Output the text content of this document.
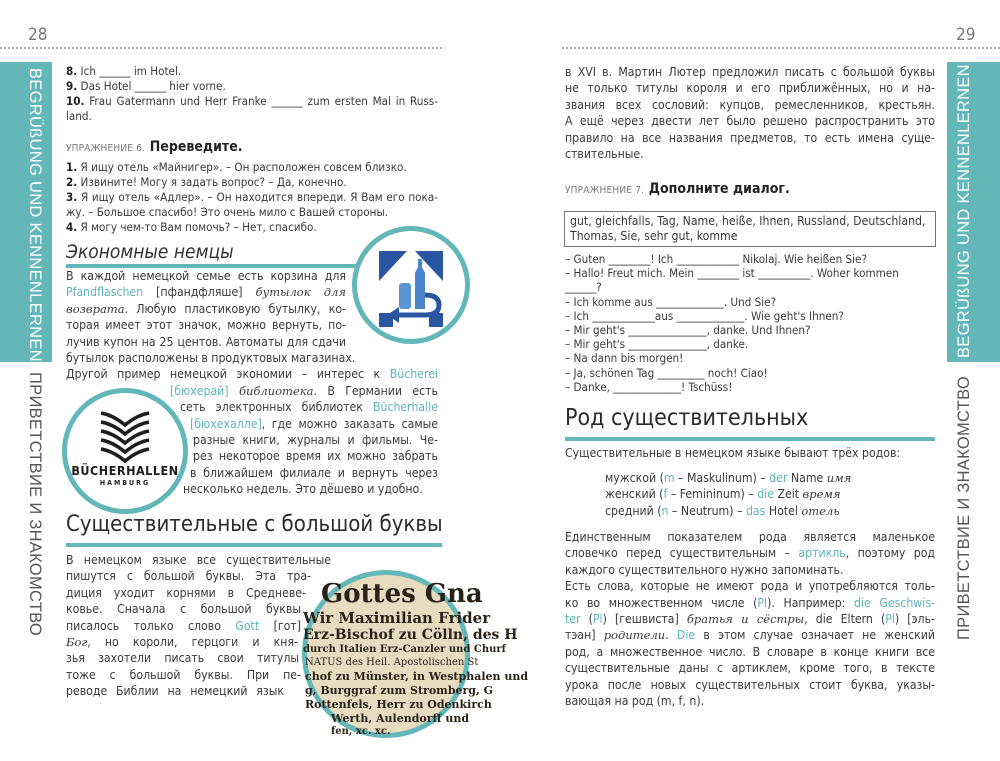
28
BEGRÜßUNG UND KENNENLERNEN
ПРИВЕТСТВИЕ И ЗНАКОМСТВО
8. Ich ______ im Hotel.
9. Das Hotel ______ hier vorne.
10. Frau Gatermann und Herr Franke ______ zum ersten Mal in Russ-
land.
УПРАЖНЕНИЕ 6. Переведите.
1. Я ищу отель «Майнигер». – Он расположен совсем близко.
2. Извините! Могу я задать вопрос? – Да, конечно.
3. Я ищу отель «Адлер». – Он находится впереди. Я Вам его пока-
жу. – Большое спасибо! Это очень мило с Вашей стороны.
4. Я могу чем-то Вам помочь? – Нет, спасибо.
Экономные немцы
В каждой немецкой семье есть корзина для
Pfandflaschen [пфандфляше] бутылок для
возврата. Любую пластиковую бутылку, ко-
торая имеет этот значок, можно вернуть, по-
лучив купон на 25 центов. Автоматы для сдачи
бутылок расположены в продуктовых магазинах.
Другой пример немецкой экономии – интерес к Bücherei
[бюхерай] библиотека. В Германии есть
сеть электронных библиотек Bücherhalle
[бюхехалле], где можно заказать самые
разные книги, журналы и фильмы. Че-
рез некоторое время их можно забрать
в ближайшем филиале и вернуть через
несколько недель. Это дёшево и удобно.
BÜCHERHALLEN
HAMBURG
Существительные с большой буквы
В немецком языке все существительные
пишутся с большой буквы. Эта тра-
диция уходит корнями в Средневе-
ковье. Сначала с большой буквы
писалось только слово Gott [гот]
Бог, но короли, герцоги и кня-
зья захотели писать свои титулы
тоже с большой буквы. При пе-
реводе Библии на немецкий язык
Gottes Gna
Wir Maximilian Frider
Erz-Bischof zu Cölln, des H
durch Italien Erz-Canzler und Churf
NATUS des Heil. Apostolischen St
chof zu Münster, in Westphalen und
g, Burggraf zum Stromberg, G
Rottenfels, Herr zu Odenkirch
Werth, Aulendorff und
fen, xc. xc.
29
BEGRÜßUNG UND KENNENLERNEN
ПРИВЕТСТВИЕ И ЗНАКОМСТВО
в XVI в. Мартин Лютер предложил писать с большой буквы
не только титулы короля и его приближённых, но и на-
звания всех сословий: купцов, ремесленников, крестьян.
А ещё через двести лет было решено распространить это
правило на все названия предметов, то есть имена суще-
ствительные.
УПРАЖНЕНИЕ 7. Дополните диалог.
gut, gleichfalls, Tag, Name, heiße, Ihnen, Russland, Deutschland,
Thomas, Sie, sehr gut, komme
– Guten ________! Ich ____________ Nikolaj. Wie heißen Sie?
– Hallo! Freut mich. Mein ________ ist __________. Woher kommen
______?
– Ich komme aus _____________. Und Sie?
– Ich ____________aus _____________. Wie geht's Ihnen?
– Mir geht's _______________, danke. Und Ihnen?
– Mir geht's _______________, danke.
– Na dann bis morgen!
– Ja, schönen Tag _________ noch! Ciao!
– Danke, _____________! Tschüss!
Род существительных
Существительные в немецком языке бывают трёх родов:
мужской (m – Maskulinum) – der Name имя
женский (f – Femininum) – die Zeit время
средний (n – Neutrum) – das Hotel отель
Единственным показателем рода является маленькое
словечко перед существительным – артикль, поэтому род
каждого существительного нужно запоминать.
Есть слова, которые не имеют рода и употребляются толь-
ко во множественном числе (Pl). Например: die Geschwis-
ter (Pl) [гешвиста] братья и сёстры, die Eltern (Pl) [эль-
тэан] родители. Die в этом случае означает не женский
род, а множественное число. В словаре в конце книги все
существительные даны с артиклем, кроме того, в тексте
урока после новых существительных стоит буква, указы-
вающая на род (m, f, n).
